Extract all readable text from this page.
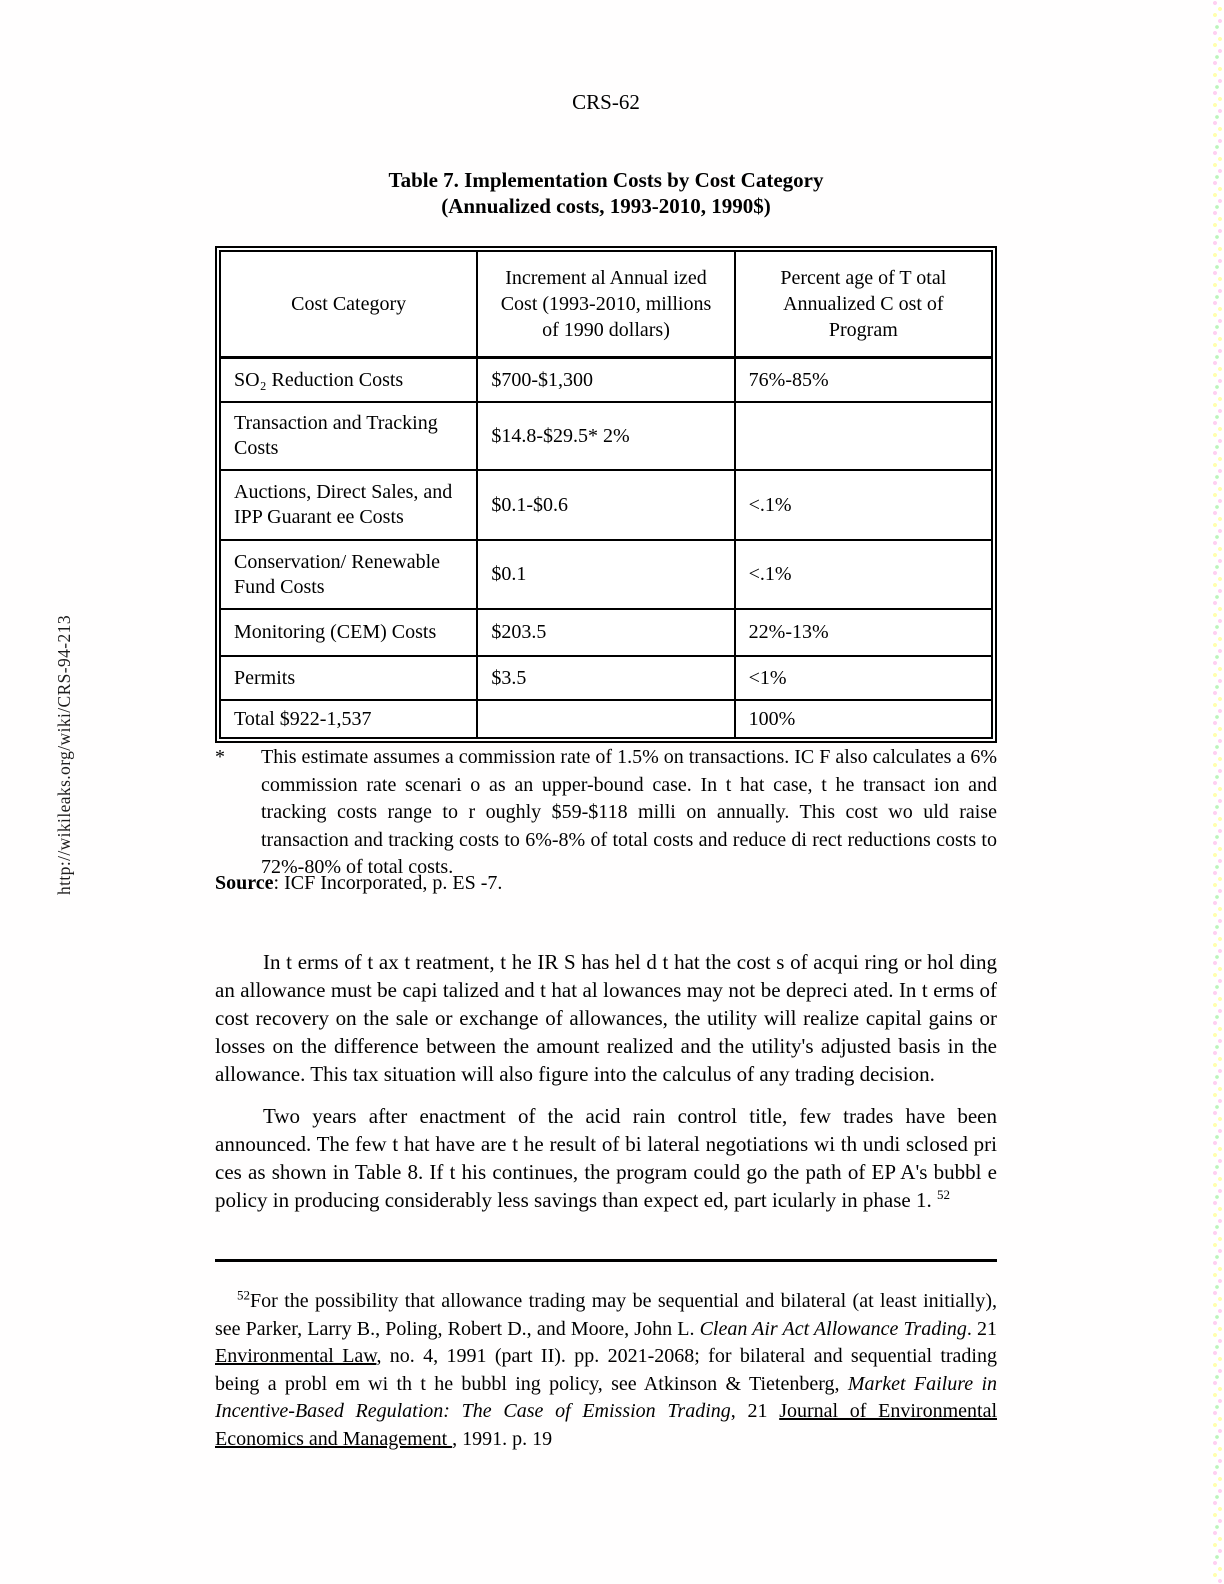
http://wikileaks.org/wiki/CRS-94-213
CRS-62
Table 7. Implementation Costs by Cost Category
(Annualized costs, 1993-2010, 1990$)
Cost Category	Increment al Annual ized Cost (1993-2010, millions of 1990 dollars)	Percent age of T otal Annualized C ost of Program
SO₂ Reduction Costs	$700-$1,300	76%-85%
Transaction and Tracking Costs	$14.8-$29.5* 2%	
Auctions, Direct Sales, and IPP Guarant ee Costs	$0.1-$0.6	<.1%
Conservation/ Renewable Fund Costs	$0.1	<.1%
Monitoring (CEM) Costs	$203.5	22%-13%
Permits	$3.5	<1%
Total $922-1,537		100%
*	This estimate assumes a commission rate of 1.5% on transactions. IC F also calculates a 6% commission rate scenari o as an upper-bound case. In t hat case, t he transact ion and tracking costs range to r oughly $59-$118 milli on annually. This cost wo uld raise transaction and tracking costs to 6%-8% of total costs and reduce di rect reductions costs to 72%-80% of total costs.
Source: ICF Incorporated, p. ES -7.

In t erms of t ax t reatment, t he IR S has hel d t hat the cost s of acqui ring or hol ding an allowance must be capi talized and t hat al lowances may not be depreci ated. In t erms of cost recovery on the sale or exchange of allowances, the utility will realize capital gains or losses on the difference between the amount realized and the utility's adjusted basis in the allowance. This tax situation will also figure into the calculus of any trading decision.

Two years after enactment of the acid rain control title, few trades have been announced. The few t hat have are t he result of bi lateral negotiations wi th undi sclosed pri ces as shown in Table 8. If t his continues, the program could go the path of EP A's bubbl e policy in producing considerably less savings than expect ed, part icularly in phase 1. $^{52}$

$^{52}$For the possibility that allowance trading may be sequential and bilateral (at least initially), see Parker, Larry B., Poling, Robert D., and Moore, John L. Clean Air Act Allowance Trading. 21 Environmental Law, no. 4, 1991 (part II). pp. 2021-2068; for bilateral and sequential trading being a probl em wi th t he bubbl ing policy, see Atkinson & Tietenberg, Market Failure in Incentive-Based Regulation: The Case of Emission Trading, 21 Journal of Environmental Economics and Management , 1991. p. 19
